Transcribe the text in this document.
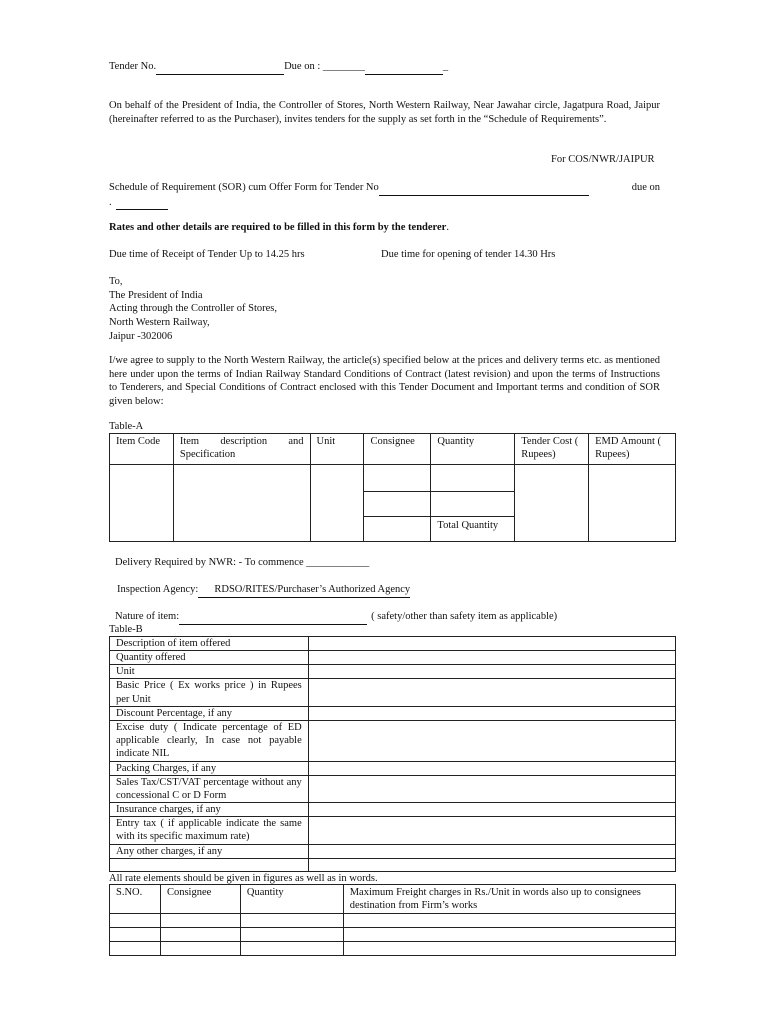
Tender No.	Due on : ________	_
On behalf of the President of India, the Controller of Stores, North Western Railway, Near Jawahar circle, Jagatpura Road, Jaipur (hereinafter referred to as the Purchaser), invites tenders for the supply as set forth in the “Schedule of Requirements”.
For COS/NWR/JAIPUR
Schedule of Requirement (SOR) cum Offer Form for Tender No	due on
.
Rates and other details are required to be filled in this form by the tenderer.
Due time of Receipt of Tender Up to 14.25 hrs	Due time for opening of tender 14.30 Hrs
To,
The President of India
Acting through the Controller of Stores,
North Western Railway,
Jaipur -302006
I/we agree to supply to the North Western Railway, the article(s) specified below at the prices and delivery terms etc. as mentioned here under upon the terms of Indian Railway Standard Conditions of Contract (latest revision) and upon the terms of Instructions to Tenderers, and Special Conditions of Contract enclosed with this Tender Document and Important terms and condition of SOR given below:
Table-A
Item Code	Item description and Specification	Unit	Consignee	Quantity	Tender Cost ( Rupees)	EMD Amount ( Rupees)

				Total Quantity		

Delivery Required by NWR: - To commence ____________
Inspection Agency: RDSO/RITES/Purchaser’s Authorized Agency
Nature of item:	( safety/other than safety item as applicable)
Table-B
Description of item offered	
Quantity offered	
Unit	
Basic Price ( Ex works price ) in Rupees per Unit	
Discount Percentage, if any	
Excise duty ( Indicate percentage of ED applicable clearly, In case not payable indicate NIL	
Packing Charges, if any	
Sales Tax/CST/VAT percentage without any concessional C or D Form	
Insurance charges, if any	
Entry tax ( if applicable indicate the same with its specific maximum rate)	
Any other charges, if any	

All rate elements should be given in figures as well as in words.
S.NO.	Consignee	Quantity	Maximum Freight charges in Rs./Unit in words also up to consignees destination from Firm’s works
